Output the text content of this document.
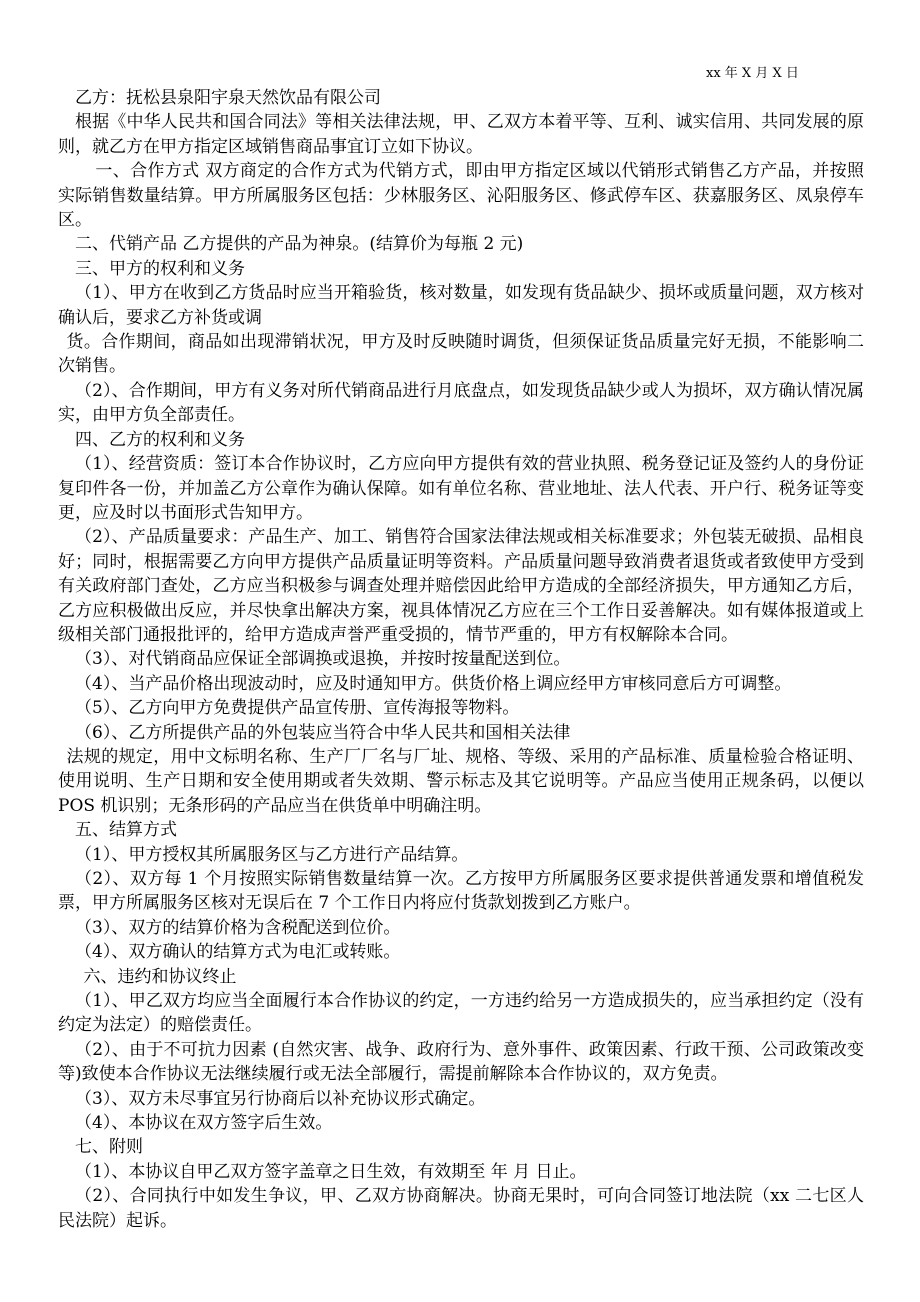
xx 年 X 月 X 日

乙方：抚松县泉阳宇泉天然饮品有限公司

根据《中华人民共和国合同法》等相关法律法规，甲、乙双方本着平等、互利、诚实信用、共同发展的原则，就乙方在甲方指定区域销售商品事宜订立如下协议。

一、合作方式 双方商定的合作方式为代销方式，即由甲方指定区域以代销形式销售乙方产品，并按照实际销售数量结算。甲方所属服务区包括：少林服务区、沁阳服务区、修武停车区、获嘉服务区、凤泉停车区。

二、代销产品 乙方提供的产品为神泉。(结算价为每瓶 2 元)

三、甲方的权利和义务

（1）、甲方在收到乙方货品时应当开箱验货，核对数量，如发现有货品缺少、损坏或质量问题，双方核对确认后，要求乙方补货或调

货。合作期间，商品如出现滞销状况，甲方及时反映随时调货，但须保证货品质量完好无损，不能影响二次销售。

（2）、合作期间，甲方有义务对所代销商品进行月底盘点，如发现货品缺少或人为损坏，双方确认情况属实，由甲方负全部责任。

四、乙方的权利和义务

（1）、经营资质：签订本合作协议时，乙方应向甲方提供有效的营业执照、税务登记证及签约人的身份证复印件各一份，并加盖乙方公章作为确认保障。如有单位名称、营业地址、法人代表、开户行、税务证等变更，应及时以书面形式告知甲方。

（2）、产品质量要求：产品生产、加工、销售符合国家法律法规或相关标准要求；外包装无破损、品相良好；同时，根据需要乙方向甲方提供产品质量证明等资料。产品质量问题导致消费者退货或者致使甲方受到有关政府部门查处，乙方应当积极参与调查处理并赔偿因此给甲方造成的全部经济损失，甲方通知乙方后，乙方应积极做出反应，并尽快拿出解决方案，视具体情况乙方应在三个工作日妥善解决。如有媒体报道或上级相关部门通报批评的，给甲方造成声誉严重受损的，情节严重的，甲方有权解除本合同。

（3）、对代销商品应保证全部调换或退换，并按时按量配送到位。

（4）、当产品价格出现波动时，应及时通知甲方。供货价格上调应经甲方审核同意后方可调整。

（5）、乙方向甲方免费提供产品宣传册、宣传海报等物料。

（6）、乙方所提供产品的外包装应当符合中华人民共和国相关法律

法规的规定，用中文标明名称、生产厂厂名与厂址、规格、等级、采用的产品标准、质量检验合格证明、使用说明、生产日期和安全使用期或者失效期、警示标志及其它说明等。产品应当使用正规条码，以便以 POS 机识别；无条形码的产品应当在供货单中明确注明。

五、结算方式

（1）、甲方授权其所属服务区与乙方进行产品结算。

（2）、双方每 1 个月按照实际销售数量结算一次。乙方按甲方所属服务区要求提供普通发票和增值税发票，甲方所属服务区核对无误后在 7 个工作日内将应付货款划拨到乙方账户。

（3）、双方的结算价格为含税配送到位价。

（4）、双方确认的结算方式为电汇或转账。

六、违约和协议终止

（1）、甲乙双方均应当全面履行本合作协议的约定，一方违约给另一方造成损失的，应当承担约定（没有约定为法定）的赔偿责任。

（2）、由于不可抗力因素 (自然灾害、战争、政府行为、意外事件、政策因素、行政干预、公司政策改变等)致使本合作协议无法继续履行或无法全部履行，需提前解除本合作协议的，双方免责。

（3）、双方未尽事宜另行协商后以补充协议形式确定。

（4）、本协议在双方签字后生效。

七、附则

（1）、本协议自甲乙双方签字盖章之日生效，有效期至 年 月 日止。

（2）、合同执行中如发生争议，甲、乙双方协商解决。协商无果时，可向合同签订地法院（xx 二七区人民法院）起诉。
